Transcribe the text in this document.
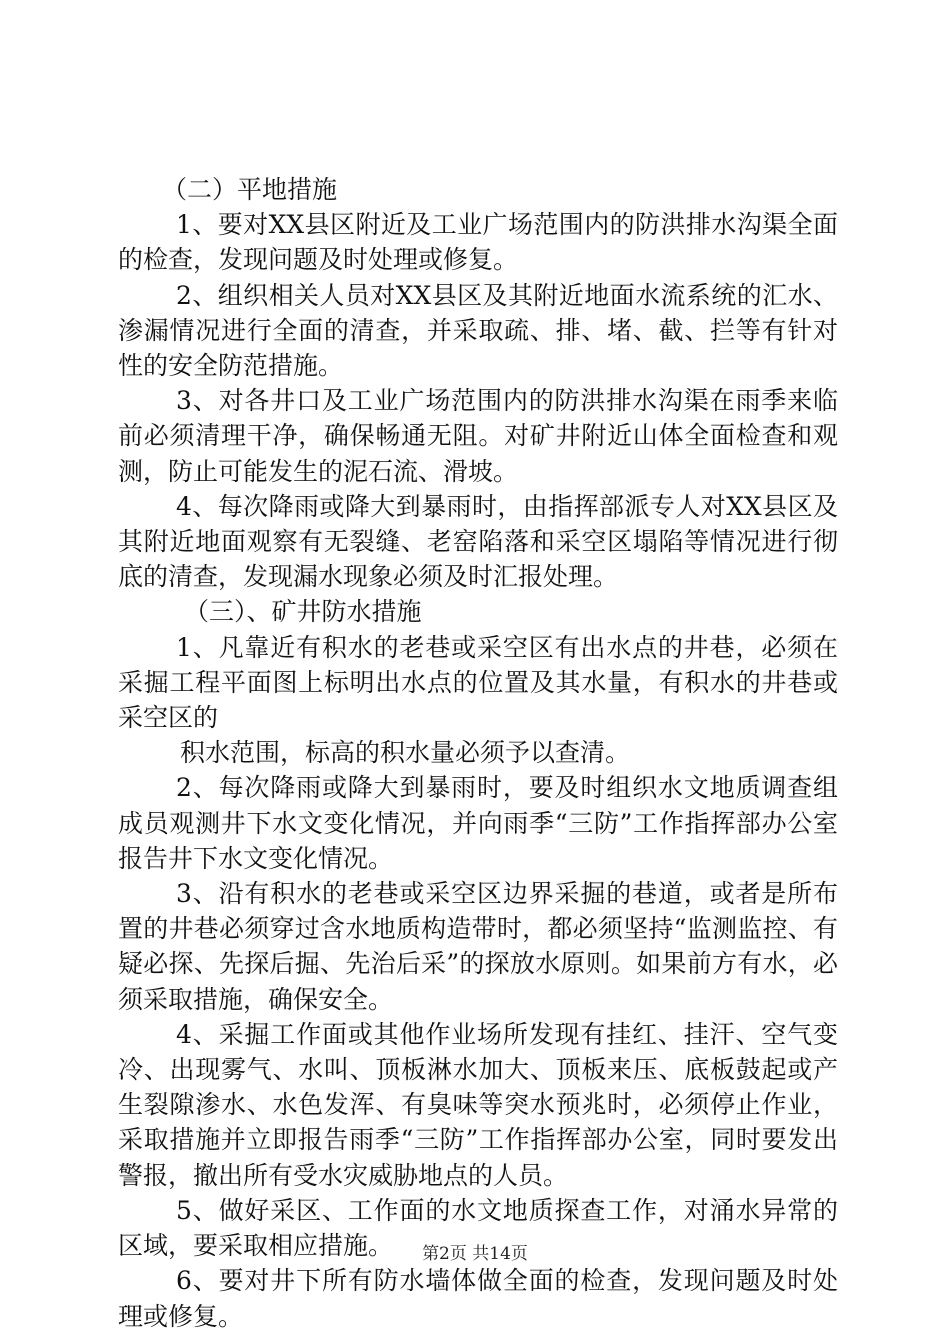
（二）平地措施

1、要对XX县区附近及工业广场范围内的防洪排水沟渠全面的检查，发现问题及时处理或修复。

2、组织相关人员对XX县区及其附近地面水流系统的汇水、渗漏情况进行全面的清查，并采取疏、排、堵、截、拦等有针对性的安全防范措施。

3、对各井口及工业广场范围内的防洪排水沟渠在雨季来临前必须清理干净，确保畅通无阻。对矿井附近山体全面检查和观测，防止可能发生的泥石流、滑坡。

4、每次降雨或降大到暴雨时，由指挥部派专人对XX县区及其附近地面观察有无裂缝、老窑陷落和采空区塌陷等情况进行彻底的清查，发现漏水现象必须及时汇报处理。

（三）、矿井防水措施

1、凡靠近有积水的老巷或采空区有出水点的井巷，必须在采掘工程平面图上标明出水点的位置及其水量，有积水的井巷或采空区的

积水范围，标高的积水量必须予以查清。

2、每次降雨或降大到暴雨时，要及时组织水文地质调查组成员观测井下水文变化情况，并向雨季“三防”工作指挥部办公室报告井下水文变化情况。

3、沿有积水的老巷或采空区边界采掘的巷道，或者是所布置的井巷必须穿过含水地质构造带时，都必须坚持“监测监控、有疑必探、先探后掘、先治后采”的探放水原则。如果前方有水，必须采取措施，确保安全。

4、采掘工作面或其他作业场所发现有挂红、挂汗、空气变冷、出现雾气、水叫、顶板淋水加大、顶板来压、底板鼓起或产生裂隙渗水、水色发浑、有臭味等突水预兆时，必须停止作业，采取措施并立即报告雨季“三防”工作指挥部办公室，同时要发出警报，撤出所有受水灾威胁地点的人员。

5、做好采区、工作面的水文地质探查工作，对涌水异常的区域，要采取相应措施。

6、要对井下所有防水墙体做全面的检查，发现问题及时处理或修复。

第2页 共14页
